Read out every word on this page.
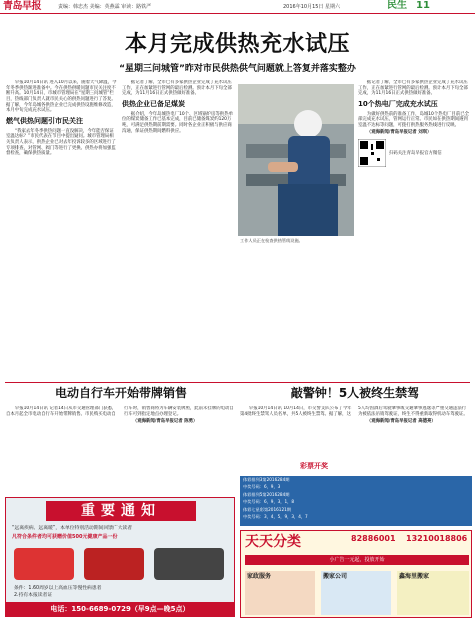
青岛早报	责编：韩忠杰 美编：英燕霖 审读：路铁严	2016年10月15日 星期六	民生 11
本月完成供热充水试压
“星期三问城管”昨对市民供热供气问题就上答复并落实整办

早报10月14日讯 进入10月以来，随着天气降温，今年冬季供热渐进准备中。今在供热供暖问题市民关注度不断升高。10月14日，市城市管理局在“星期三问城管”栏目，热线部门负责人就市民关心的供热问题进行了答复。据了解，今年岛城各供热企业已完成供热设施维修改造，本月中旬完成充水试压。

燃气供热问题引市民关注

“我家去年冬季供热问题一直没解决，今年能否保证室温达标？”市民代表在节目中提出疑问。城市管理局相关负责人表示，供热企业已对去年投诉较多的区域进行了专项排查，对管网、阀门等进行了更换。供热办将加强监督检查，确保供热质量。

据记者了解，全市已有多家供热企业完成了充水试压工作，正在加紧进行管网的最后检测。预计本月下旬全部完成，为11月16日正式供热做好准备。

供热企业已备足煤炭

据介绍，今年岛城热电厂10个、区域锅炉房等供热单位的煤炭储备工作已基本完成，目前已储备煤炭约120万吨，可满足供热期前期需要。同时各企业正积极与供应商沟通，保证供热期间燃料供应。

工作人员正在检查供热管线设施。

据记者了解，全市已有多家供热企业完成了充水试压工作，正在加紧进行管网的最后检测。预计本月下旬全部完成，为11月16日正式供热做好准备。

10个热电厂完成充水试压

为做好供热前的准备工作，岛城10个热电厂目前已全部完成充水试压，管网运行正常。市民如在供热期间遇到室温不达标等问题，可拨打供热服务热线进行反映。

（观海新闻/青岛早报记者 刘琪）

扫码关注青岛早报官方微信
电动自行车开始带牌销售

早报10月14日讯 记者14日从市交通管理部门获悉，自本月起全市电动自行车开始带牌销售。市民购买电动自行车时，销售商将为车辆安装牌照，此前未挂牌的电动自行车可到指定地点办理登记。

（观海新闻/青岛早报记者 陈勇）

敲警钟！5人被终生禁驾

早报10月14日讯 10月14日，市交警支队公布了今年第4批终生禁驾人员名单，共5人被终生禁驾。据了解，这5人均因酒后驾驶肇事或交通肇事逃逸等严重交通违法行为被依法吊销驾驶证，终生不得重新取得机动车驾驶证。

（观海新闻/青岛早报记者 高德亮）

重要通知
“远离疾病、远离暖”，本单位特别活动期间回馈广大读者
凡符合条件者均可获赠价值500元健康产品一份
条件：1.60周岁以上高血压等慢性病患者
2.持有本报读者证
电话：150-6689-0729（早9点—晚5点）
彩票开奖
体彩排列3第2016284期
中奖号码：6，9，3
体彩排列5第2016284期
中奖号码：6，9，3，1，8
体彩七星彩第2016121期
中奖号码：3，4，5，9，3，4，7
天天分类	82886001 13210018806
小广告一元起，投放开始
家政服务	搬家公司	鑫海里搬家
